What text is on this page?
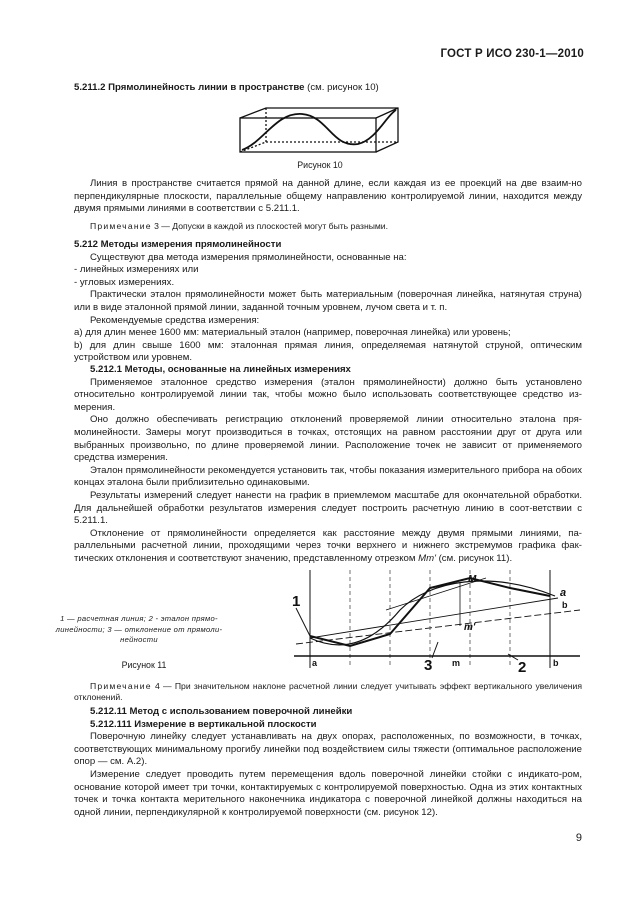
ГОСТ Р ИСО 230-1—2010

5.211.2 Прямолинейность линии в пространстве (см. рисунок 10)

Рисунок 10

Линия в пространстве считается прямой на данной длине, если каждая из ее проекций на две взаим-но перпендикулярные плоскости, параллельные общему направлению контролируемой линии, находится между двумя прямыми линиями в соответствии с 5.211.1.

Примечание 3 — Допуски в каждой из плоскостей могут быть разными.

5.212 Методы измерения прямолинейности

Существуют два метода измерения прямолинейности, основанные на:

- линейных измерениях или

- угловых измерениях.

Практически эталон прямолинейности может быть материальным (поверочная линейка, натянутая струна) или в виде эталонной прямой линии, заданной точным уровнем, лучом света и т. п.

Рекомендуемые средства измерения:

а) для длин менее 1600 мм: материальный эталон (например, поверочная линейка) или уровень;

b) для длин свыше 1600 мм: эталонная прямая линия, определяемая натянутой струной, оптическим устройством или уровнем.

5.212.1 Методы, основанные на линейных измерениях

Применяемое эталонное средство измерения (эталон прямолинейности) должно быть установлено относительно контролируемой линии так, чтобы можно было использовать соответствующее средство из-мерения.

Оно должно обеспечивать регистрацию отклонений проверяемой линии относительно эталона пря-молинейности. Замеры могут производиться в точках, отстоящих на равном расстоянии друг от друга или выбранных произвольно, по длине проверяемой линии. Расположение точек не зависит от применяемого средства измерения.

Эталон прямолинейности рекомендуется установить так, чтобы показания измерительного прибора на обоих концах эталона были приблизительно одинаковыми.

Результаты измерений следует нанести на график в приемлемом масштабе для окончательной обработки. Для дальнейшей обработки результатов измерения следует построить расчетную линию в соот-ветствии с 5.211.1.

Отклонение от прямолинейности определяется как расстояние между двумя прямыми линиями, па-раллельными расчетной линии, проходящими через точки верхнего и нижнего экстремумов графика фак-тических отклонения и соответствуют значению, представленному отрезком Mm' (см. рисунок 11).

1 — расчетная линия; 2 - эталон прямо-линейности; 3 — отклонение от прямоли-нейности
Рисунок 11
1
2
3
M
m'
a	b
m
a
b

Примечание 4 — При значительном наклоне расчетной линии следует учитывать эффект вертикального увеличения отклонений.

5.212.11 Метод с использованием поверочной линейки

5.212.111 Измерение в вертикальной плоскости

Поверочную линейку следует устанавливать на двух опорах, расположенных, по возможности, в точках, соответствующих минимальному прогибу линейки под воздействием силы тяжести (оптимальное расположение опор — см. А.2).

Измерение следует проводить путем перемещения вдоль поверочной линейки стойки с индикато-ром, основание которой имеет три точки, контактируемых с контролируемой поверхностью. Одна из этих контактных точек и точка контакта мерительного наконечника индикатора с поверочной линейкой должны находиться на одной линии, перпендикулярной к контролируемой поверхности (см. рисунок 12).

9
